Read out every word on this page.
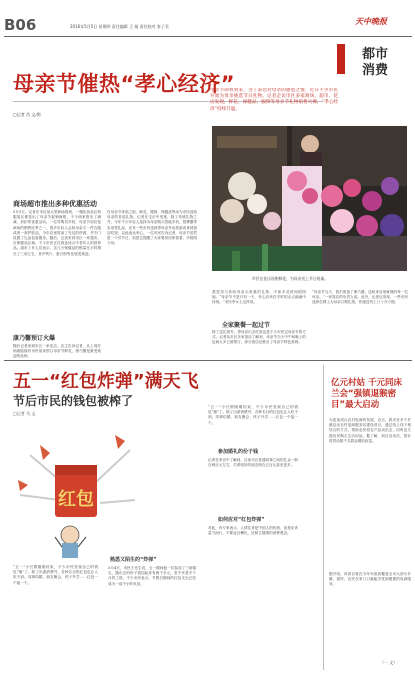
B06	2016年5月5日 星期四 责任编辑 王 娟 责任校对 张子君
天中晚报
都市
消费
母亲节催热“孝心经济”
□记者 肖 文/图
母亲节即将到来，为了表达对母亲的感恩之情，近日不少市民开始为母亲挑选节日礼物。记者走访市区多家商场、超市、花店发现，鲜花、保健品、服饰等母亲节礼物销售火爆，“孝心经济”持续升温。
市民在花店选购鲜花，为母亲送上节日祝福。
商场超市推出多种优惠活动
5月3日，记者在市区某大型商场看到，一楼化妆品区和服装区都挂出了母亲节促销海报，不少商家推出了满减、折扣等优惠活动。一位导购员介绍，母亲节前后是商场的销售旺季之一，很多年轻人会给母亲买一件衣服或者一套护肤品，今年店里准备了充足的货源，并专门设置了礼品包装服务。随后，记者来到市区一家超市，在保健品区域，不少市民正在挑选适合中老年人的营养品。超市工作人员表示，这几天保健品的销量比平时增长了三成左右，其中钙片、蛋白粉等比较受欢迎。
康乃馨预订火爆
随后记者来到市区一家花店，店主告诉记者，从上周开始就陆续有市民前来预订母亲节鲜花，康乃馨是最受欢迎的品种。
在母亲节来临之际，鲜花、服饰、保健品等成为市民送给母亲的首选礼物。记者在走访中发现，除了传统礼物之外，今年不少年轻人选择为母亲购买智能手机、按摩器等实用型礼品，还有一些市民选择带母亲外出旅游或者到饭店吃饭，以此表达孝心。一位市民告诉记者，母亲节虽然是一个洋节日，但是它提醒了大家要常回家看看，多陪陪父母。
我觉得与其给母亲买贵重的礼物，不如多花时间陪陪她。“母亲节不是只有一天，孝心应该在平时的点点滴滴中体现。”市民李女士这样说。
全家聚餐一起过节
除了送礼物外，带母亲出去吃饭也是不少市民过母亲节的方式。记者从市区多家饭店了解到，母亲节当天中午和晚上的包间大多已被预订，部分饭店还推出了母亲节特色套餐。
“母亲节当天，我们准备了康乃馨，送给来店里就餐的每一位母亲。”一家饭店的负责人说。此外，记者还发现，一些市民选择在网上为母亲订购礼物，快递送货上门十分方便。
五一“红包炸弹”满天飞
节后市民的钱包被榨了
□记者 马 文
红包
“五一”小长假刚刚结束，不少市民发现自己的钱包“瘪”了。除了出游消费外，各种名目的红包也让人吃不消。同事结婚、朋友聚会、孩子升学……红包一个接一个。
熟悉又陌生的“炸弹”
5月4日，市民王先生说，五一期间他一共参加了三场婚礼，随出去的份子钱加起来有两千多元，差不多是半个月的工资。不少市民表示，节假日期间的红包支出已经成为一项不小的负担。
“五一”小长假刚刚结束，不少市民发现自己的钱包“瘪”了。除了出游消费外，各种名目的红包也让人吃不消。同事结婚、朋友聚会、孩子升学……红包一个接一个。
参加婚礼的份子钱
记者在采访中了解到，目前市区普通同事之间的礼金一般在两百元左右，关系较好的朋友则在五百元甚至更多。
如何应对“红包炸弹”
对此，有专家表示，人情往来是中国人的传统，但是应该量力而行，不要盲目攀比，应树立健康的消费观念。
亿元村姑 千元同床 兰会“强镇退猴密目”最大启动
为更加适合农村电商的发展，近日，我市在多个乡镇启动农村电商服务站建设项目，通过线上线下相结合的方式，帮助农民将农产品卖出去，同时也方便农民购买生活用品。据了解，项目启动后，预计将带动数千名群众增收致富。
据介绍，该项目将在今年年底前覆盖全市大部分乡镇，届时，农民在家门口就能享受到便捷的电商服务。
（一 文）
